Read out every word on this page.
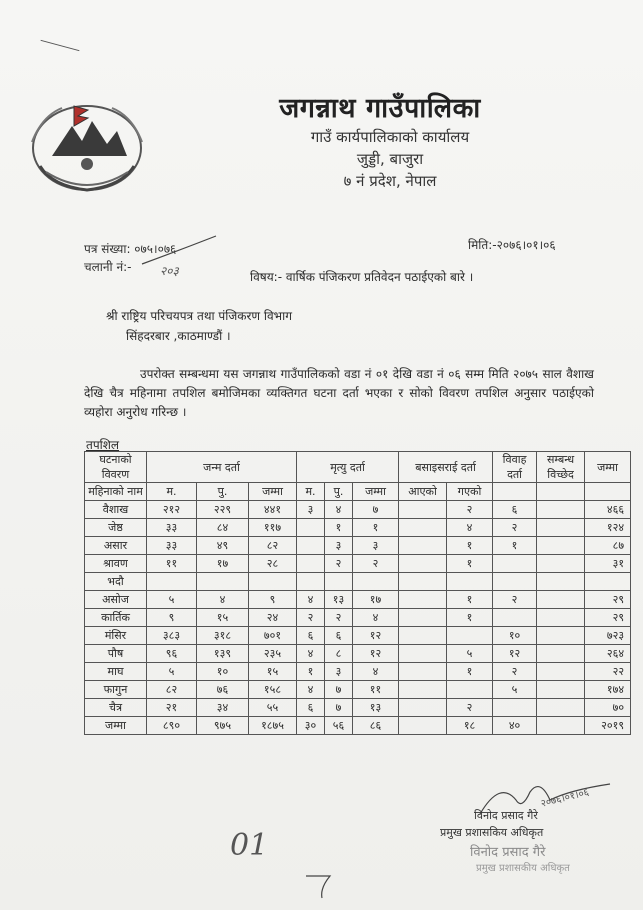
जगन्नाथ गाउँपालिका
गाउँ कार्यपालिकाको कार्यालय
जुड्डी, बाजुरा
७ नं प्रदेश, नेपाल
पत्र संख्या: ०७५।०७६
चलानी नं:- २०३
मिति:-२०७६।०१।०६
विषय:- वार्षिक पंजिकरण प्रतिवेदन पठाईएको बारे ।
श्री राष्ट्रिय परिचयपत्र तथा पंजिकरण विभाग
सिंहदरबार ,काठमाण्डौं ।
उपरोक्त सम्बन्धमा यस जगन्नाथ गाउँपालिकको वडा नं ०१ देखि वडा नं ०६ सम्म मिति २०७५ साल वैशाख देखि चैत्र महिनामा तपशिल बमोजिमका व्यक्तिगत घटना दर्ता भएका र सोको विवरण तपशिल अनुसार पठाईएको व्यहोरा अनुरोध गरिन्छ ।
तपशिल
घटनाको विवरण	जन्म दर्ता			मृत्यु दर्ता			बसाइसराई दर्ता		विवाह दर्ता	सम्बन्ध विच्छेद	जम्मा
महिनाको नाम	म.	पु.	जम्मा	म.	पु.	जम्मा	आएको	गएको			
वैशाख	२१२	२२९	४४१	३	४	७		२	६		४६६
जेष्ठ	३३	८४	११७		१	१		४	२		१२४
असार	३३	४९	८२		३	३		१	१		८७
श्रावण	११	१७	२८		२	२		१			३१
भदौ											
असोज	५	४	९	४	१३	१७		१	२		२९
कार्तिक	९	१५	२४	२	२	४		१			२९
मंसिर	३८३	३१८	७०१	६	६	१२			१०		७२३
पौष	९६	१३९	२३५	४	८	१२		५	१२		२६४
माघ	५	१०	१५	१	३	४		१	२		२२
फागुन	८२	७६	१५८	४	७	११			५		१७४
चैत्र	२१	३४	५५	६	७	१३		२			७०
जम्मा	८९०	९७५	१८७५	३०	५६	८६		१८	४०		२०१९
२०७६।०१।०६
विनोद प्रसाद गैरे
प्रमुख प्रशासकिय अधिकृत
विनोद प्रसाद गैरे
प्रमुख प्रशासकीय अधिकृत
01
